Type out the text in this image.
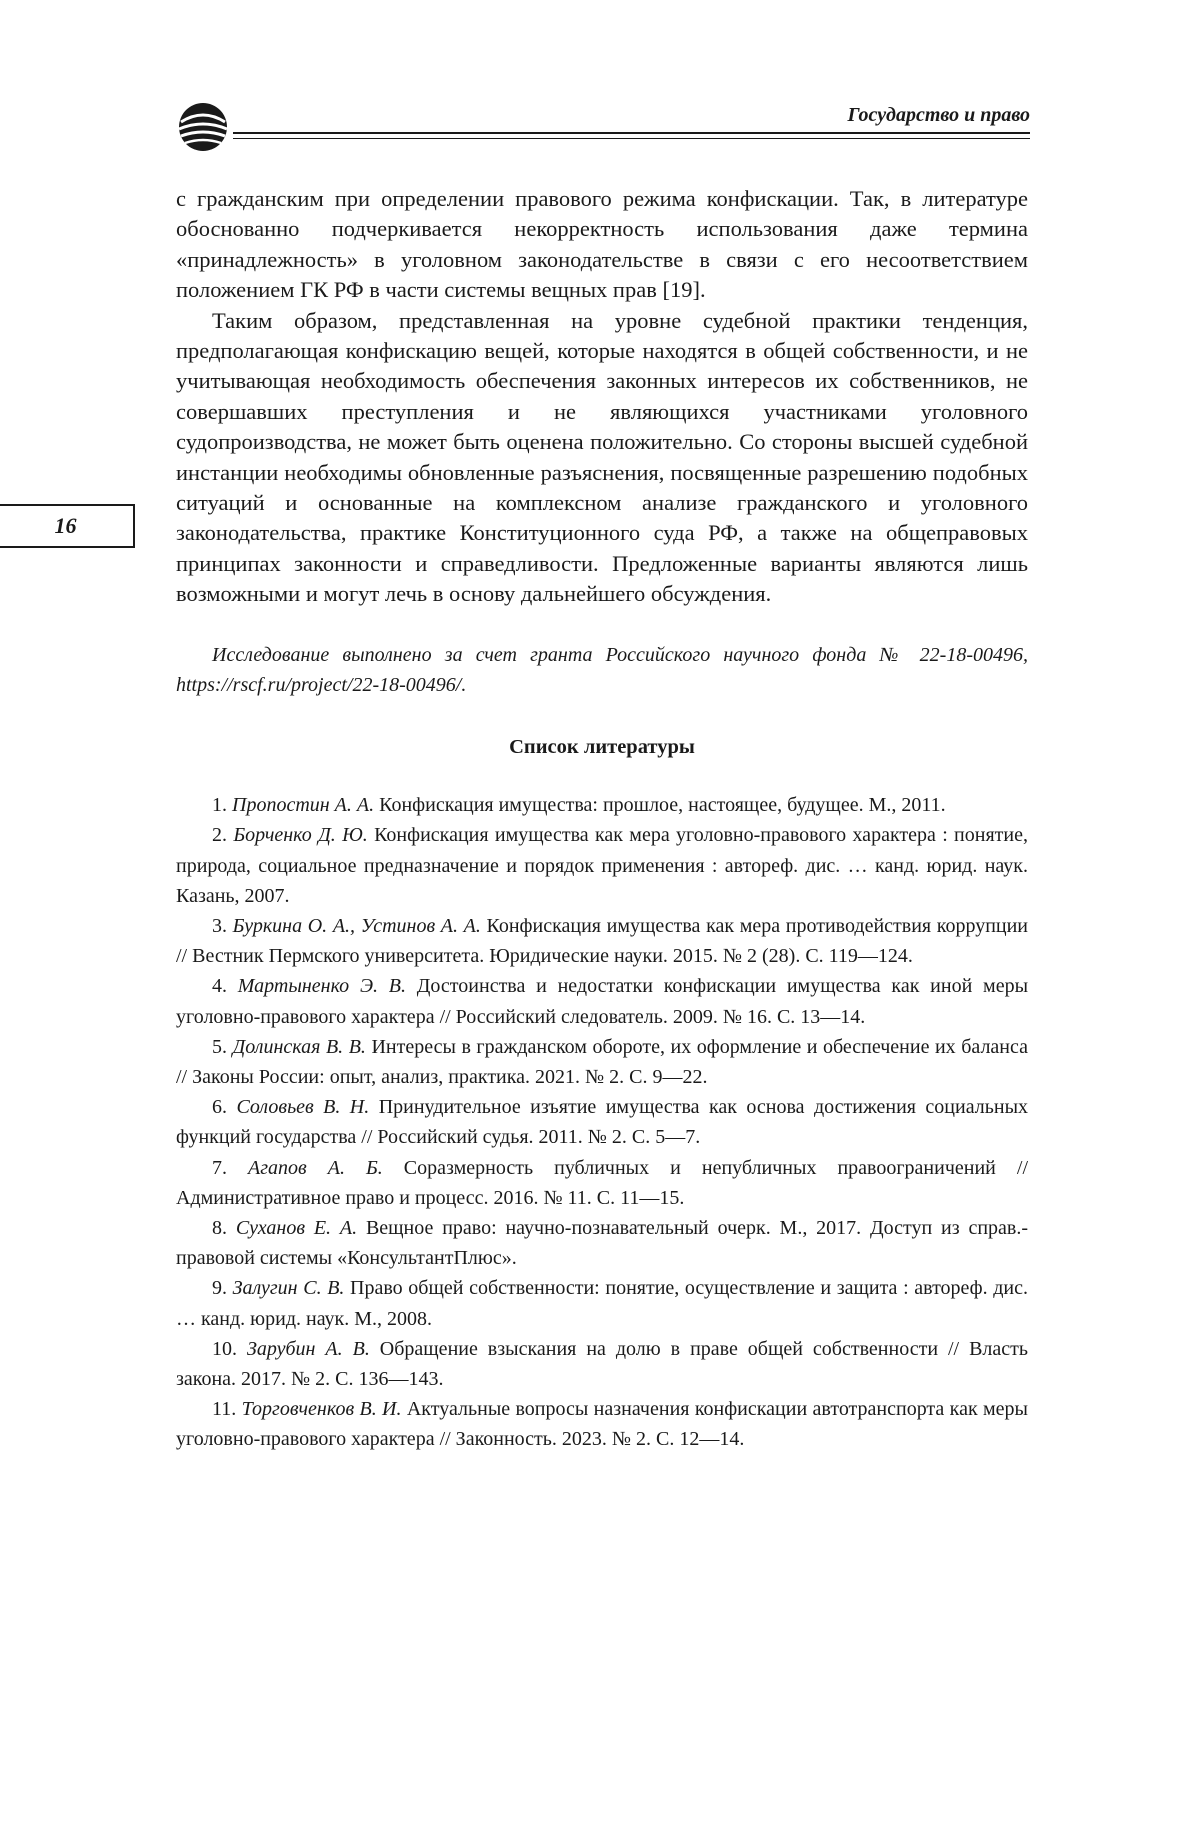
Государство и право
16

с гражданским при определении правового режима конфискации. Так, в литературе обоснованно подчеркивается некорректность использования даже термина «принадлежность» в уголовном законодательстве в связи с его несоответствием положением ГК РФ в части системы вещных прав [19].

Таким образом, представленная на уровне судебной практики тенденция, предполагающая конфискацию вещей, которые находятся в общей собственности, и не учитывающая необходимость обеспечения законных интересов их собственников, не совершавших преступления и не являющихся участниками уголовного судопроизводства, не может быть оценена положительно. Со стороны высшей судебной инстанции необходимы обновленные разъяснения, посвященные разрешению подобных ситуаций и основанные на комплексном анализе гражданского и уголовного законодательства, практике Конституционного суда РФ, а также на общеправовых принципах законности и справедливости. Предложенные варианты являются лишь возможными и могут лечь в основу дальнейшего обсуждения.

Исследование выполнено за счет гранта Российского научного фонда № 22-18-00496, https://rscf.ru/project/22-18-00496/.

Список литературы

1. Пропостин А. А. Конфискация имущества: прошлое, настоящее, будущее. М., 2011.

2. Борченко Д. Ю. Конфискация имущества как мера уголовно-правового характера : понятие, природа, социальное предназначение и порядок применения : автореф. дис. … канд. юрид. наук. Казань, 2007.

3. Буркина О. А., Устинов А. А. Конфискация имущества как мера противодействия коррупции // Вестник Пермского университета. Юридические науки. 2015. № 2 (28). С. 119—124.

4. Мартыненко Э. В. Достоинства и недостатки конфискации имущества как иной меры уголовно-правового характера // Российский следователь. 2009. № 16. С. 13—14.

5. Долинская В. В. Интересы в гражданском обороте, их оформление и обеспечение их баланса // Законы России: опыт, анализ, практика. 2021. № 2. С. 9—22.

6. Соловьев В. Н. Принудительное изъятие имущества как основа достижения социальных функций государства // Российский судья. 2011. № 2. С. 5—7.

7. Агапов А. Б. Соразмерность публичных и непубличных правоограничений // Административное право и процесс. 2016. № 11. С. 11—15.

8. Суханов Е. А. Вещное право: научно-познавательный очерк. М., 2017. Доступ из справ.-правовой системы «КонсультантПлюс».

9. Залугин С. В. Право общей собственности: понятие, осуществление и защита : автореф. дис. … канд. юрид. наук. М., 2008.

10. Зарубин А. В. Обращение взыскания на долю в праве общей собственности // Власть закона. 2017. № 2. С. 136—143.

11. Торговченков В. И. Актуальные вопросы назначения конфискации автотранспорта как меры уголовно-правового характера // Законность. 2023. № 2. С. 12—14.
